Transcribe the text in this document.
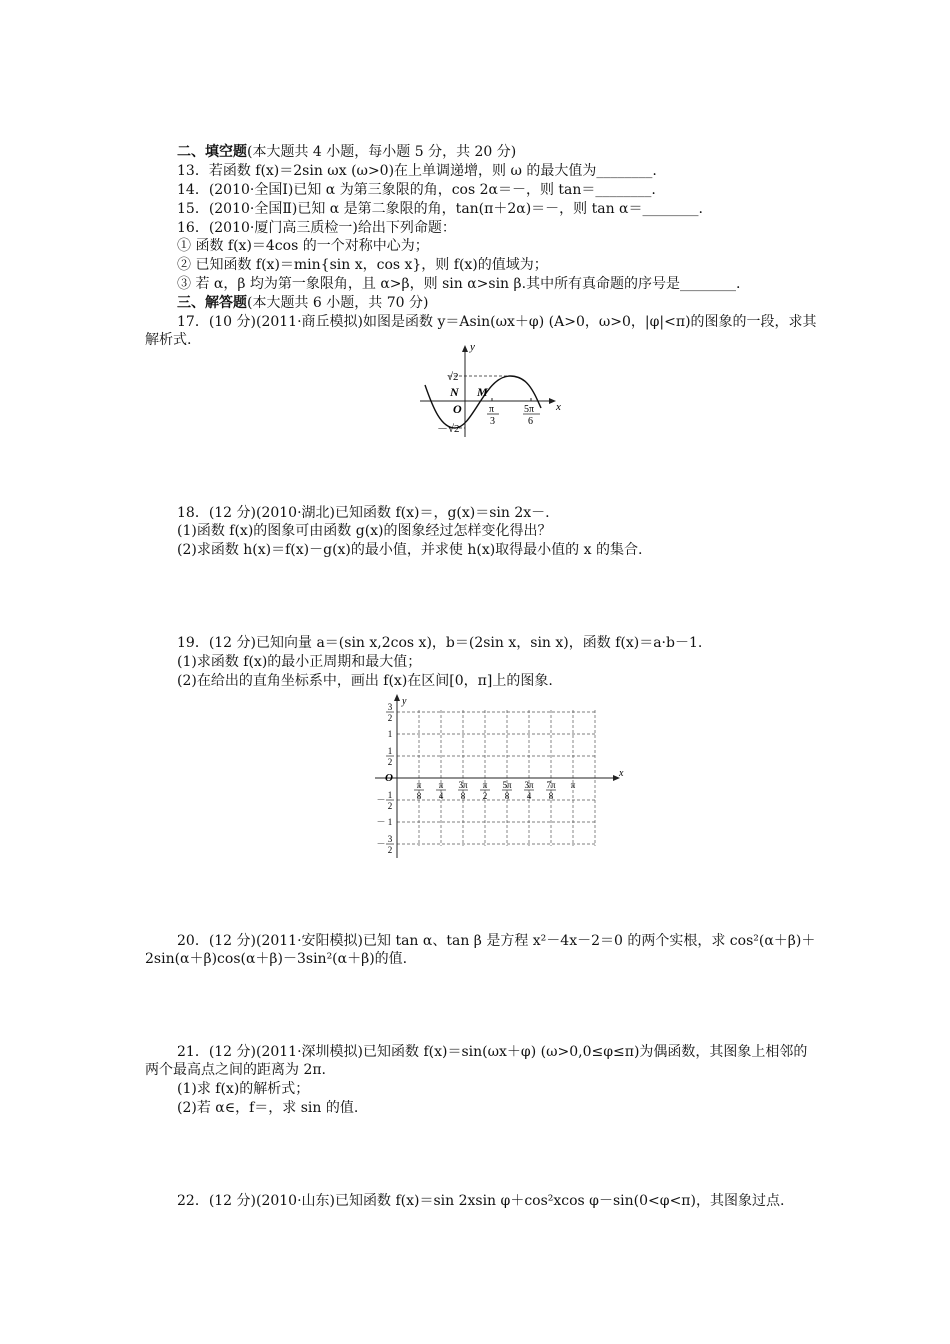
二、填空题(本大题共 4 小题，每小题 5 分，共 20 分)
13．若函数 f(x)＝2sin ωx (ω>0)在上单调递增，则 ω 的最大值为________.
14．(2010·全国Ⅰ)已知 α 为第三象限的角，cos 2α＝－，则 tan＝________.
15．(2010·全国Ⅱ)已知 α 是第二象限的角，tan(π＋2α)＝－，则 tan α＝________.
16．(2010·厦门高三质检一)给出下列命题：
① 函数 f(x)＝4cos 的一个对称中心为；
② 已知函数 f(x)＝min{sin x，cos x}，则 f(x)的值域为；
③ 若 α，β 均为第一象限角，且 α>β，则 sin α>sin β.其中所有真命题的序号是________.
三、解答题(本大题共 6 小题，共 70 分)
17．(10 分)(2011·商丘模拟)如图是函数 y＝Asin(ωx＋φ) (A>0，ω>0，|φ|<π)的图象的一段，求其解析式.	y
x
√2
－√2
N M
O	π
3
5π
6
18．(12 分)(2010·湖北)已知函数 f(x)＝，g(x)＝sin 2x－.
(1)函数 f(x)的图象可由函数 g(x)的图象经过怎样变化得出？
(2)求函数 h(x)＝f(x)－g(x)的最小值，并求使 h(x)取得最小值的 x 的集合.
19．(12 分)已知向量 a＝(sin x,2cos x)，b＝(2sin x，sin x)，函数 f(x)＝a·b－1.
(1)求函数 f(x)的最小正周期和最大值；
(2)在给出的直角坐标系中，画出 f(x)在区间[0，π]上的图象.
y
x
O
π
8
π
4
3π
8
π
2
5π
8
3π
4
7π
8
π
3
2
1
1
2
1
2
－
1
－
3
2
－
20．(12 分)(2011·安阳模拟)已知 tan α、tan β 是方程 x²－4x－2＝0 的两个实根，求 cos²(α＋β)＋2sin(α＋β)cos(α＋β)－3sin²(α＋β)的值.
21．(12 分)(2011·深圳模拟)已知函数 f(x)＝sin(ωx＋φ) (ω>0,0≤φ≤π)为偶函数，其图象上相邻的两个最高点之间的距离为 2π.
(1)求 f(x)的解析式；
(2)若 α∈，f＝，求 sin 的值.
22．(12 分)(2010·山东)已知函数 f(x)＝sin 2xsin φ＋cos²xcos φ－sin(0<φ<π)，其图象过点.
